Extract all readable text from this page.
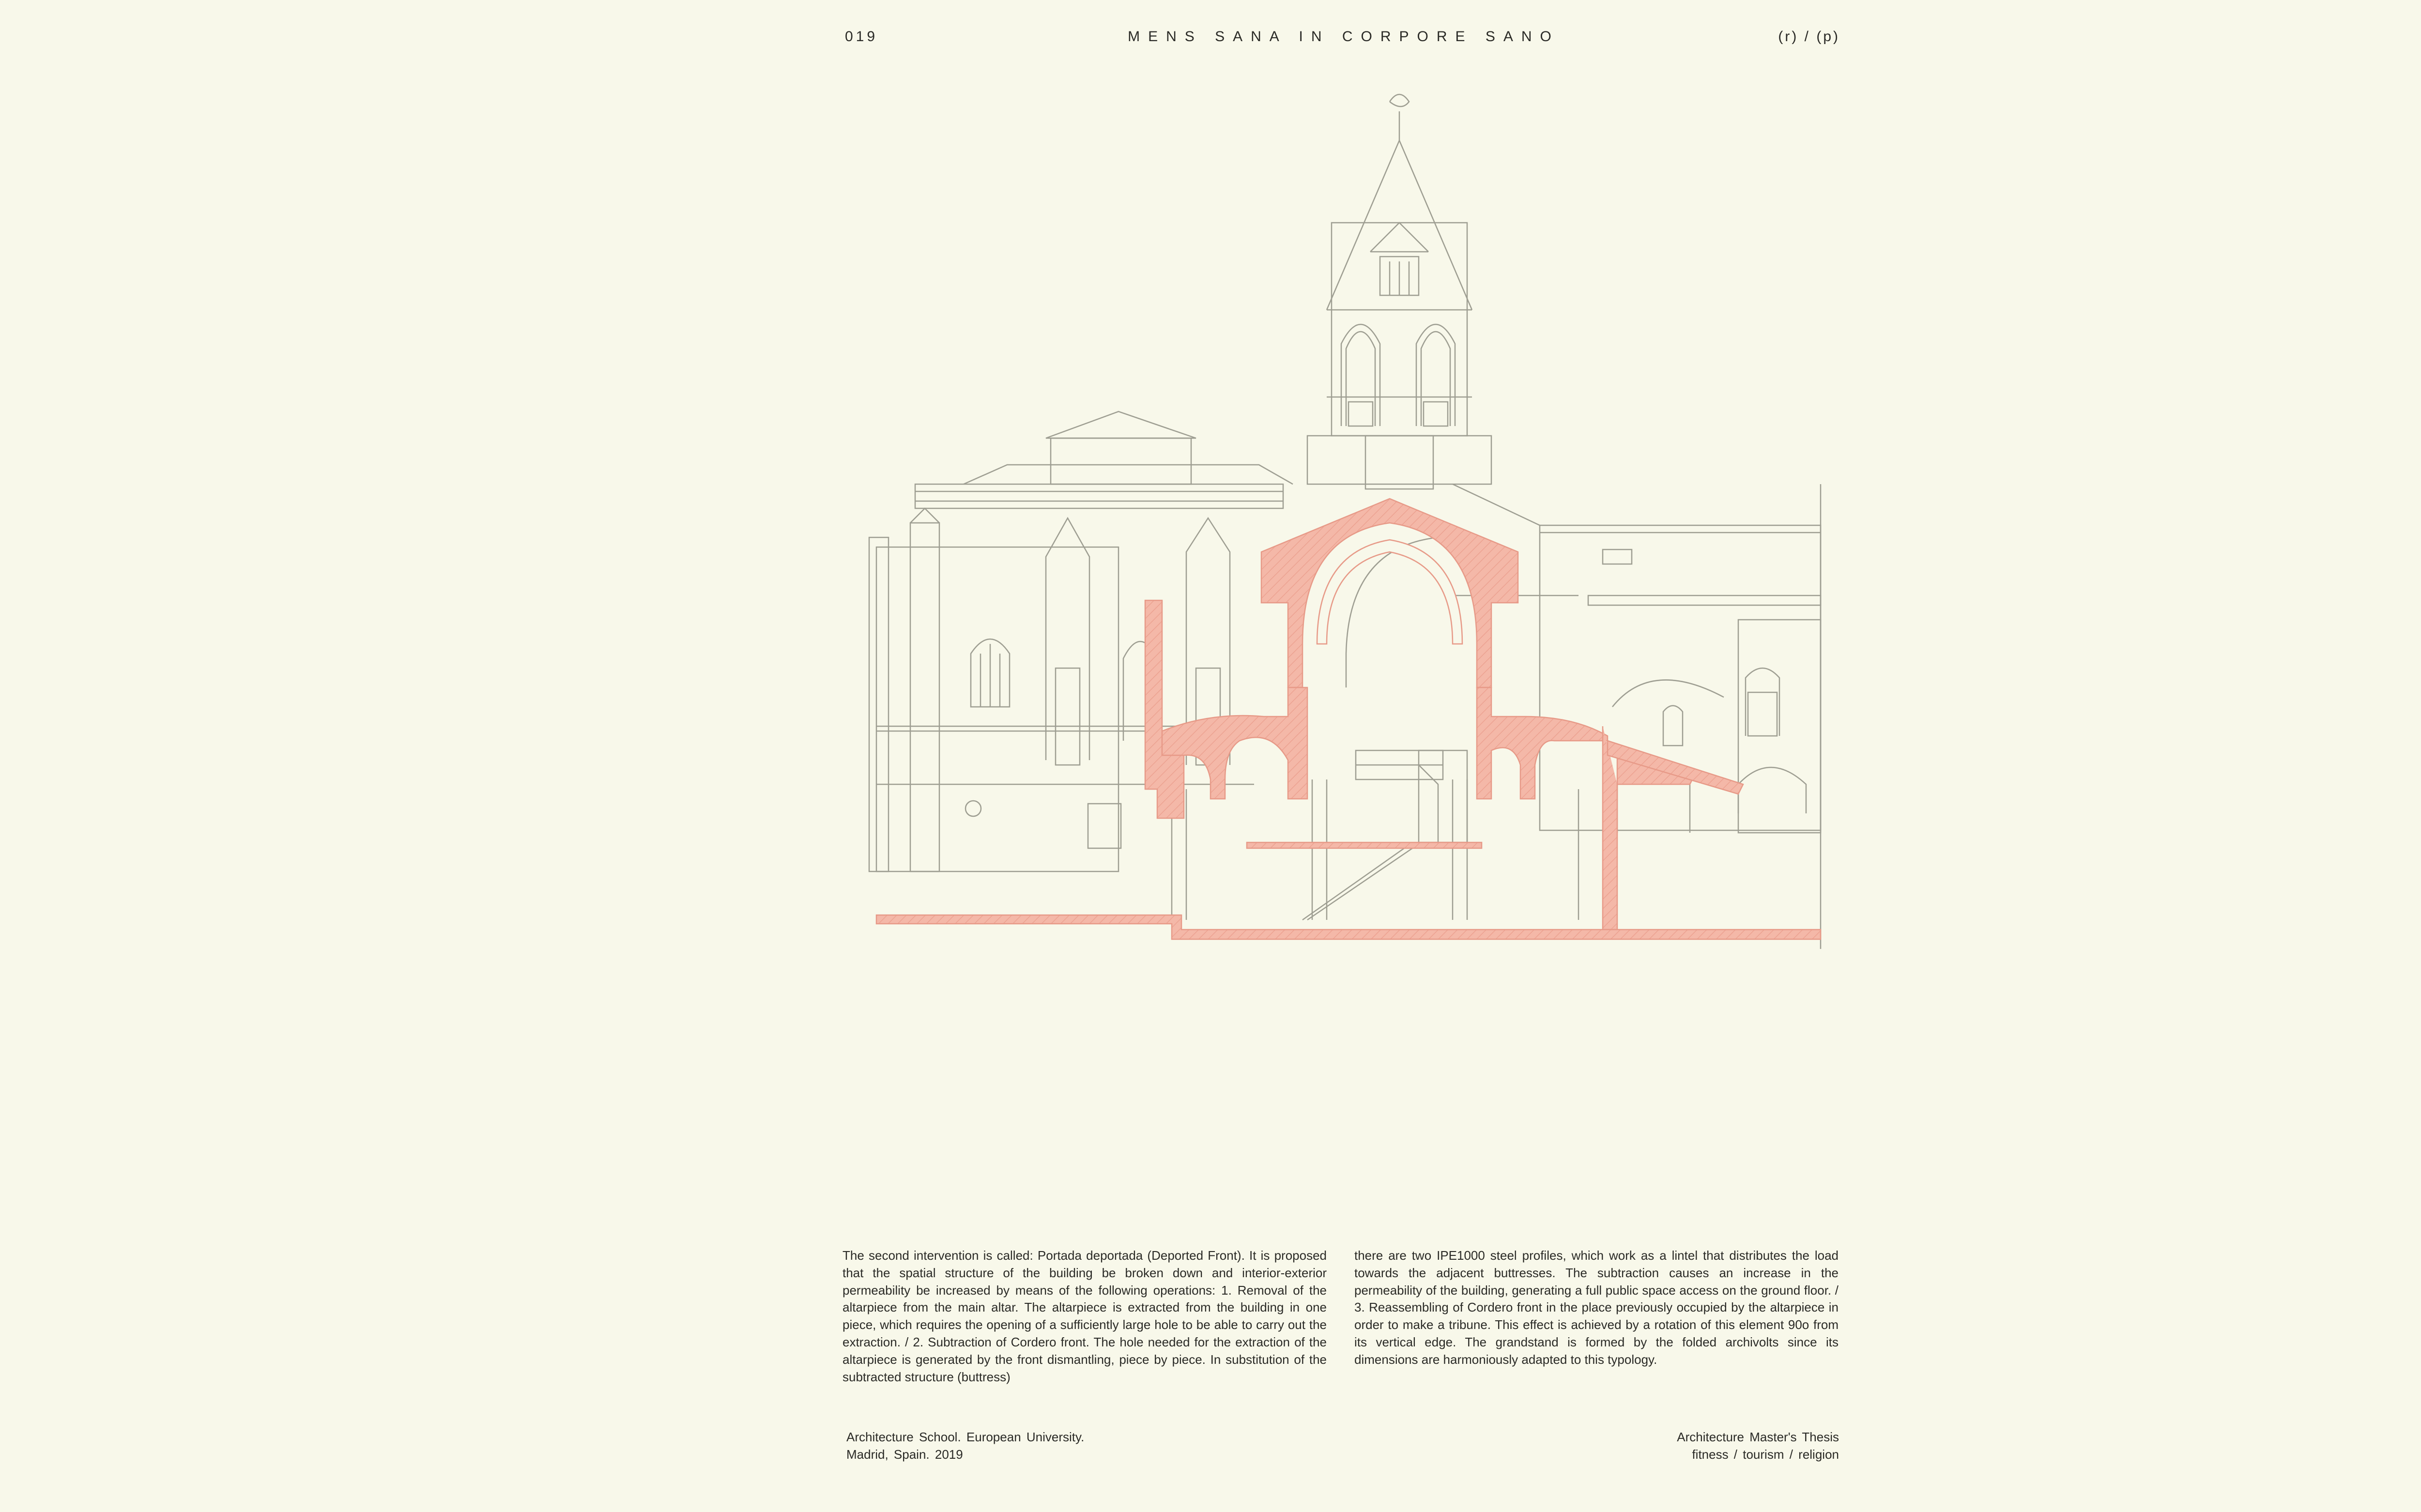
019	MENS SANA IN CORPORE SANO	(r) / (p)

The second intervention is called: Portada deportada (Deported Front). It is proposed that the spatial structure of the building be broken down and interior-exterior permeability be increased by means of the following operations: 1. Removal of the altarpiece from the main altar. The altarpiece is extracted from the building in one piece, which requires the opening of a sufficiently large hole to be able to carry out the extraction. / 2. Subtraction of Cordero front. The hole needed for the extraction of the altarpiece is generated by the front dismantling, piece by piece. In substitution of the subtracted structure (buttress)

there are two IPE1000 steel profiles, which work as a lintel that distributes the load towards the adjacent buttresses. The subtraction causes an increase in the permeability of the building, generating a full public space access on the ground floor. / 3. Reassembling of Cordero front in the place previously occupied by the altarpiece in order to make a tribune. This effect is achieved by a rotation of this element 90o from its vertical edge. The grandstand is formed by the folded archivolts since its dimensions are harmoniously adapted to this typology.

Architecture School. European University.
Madrid, Spain. 2019
Architecture Master's Thesis
fitness / tourism / religion
